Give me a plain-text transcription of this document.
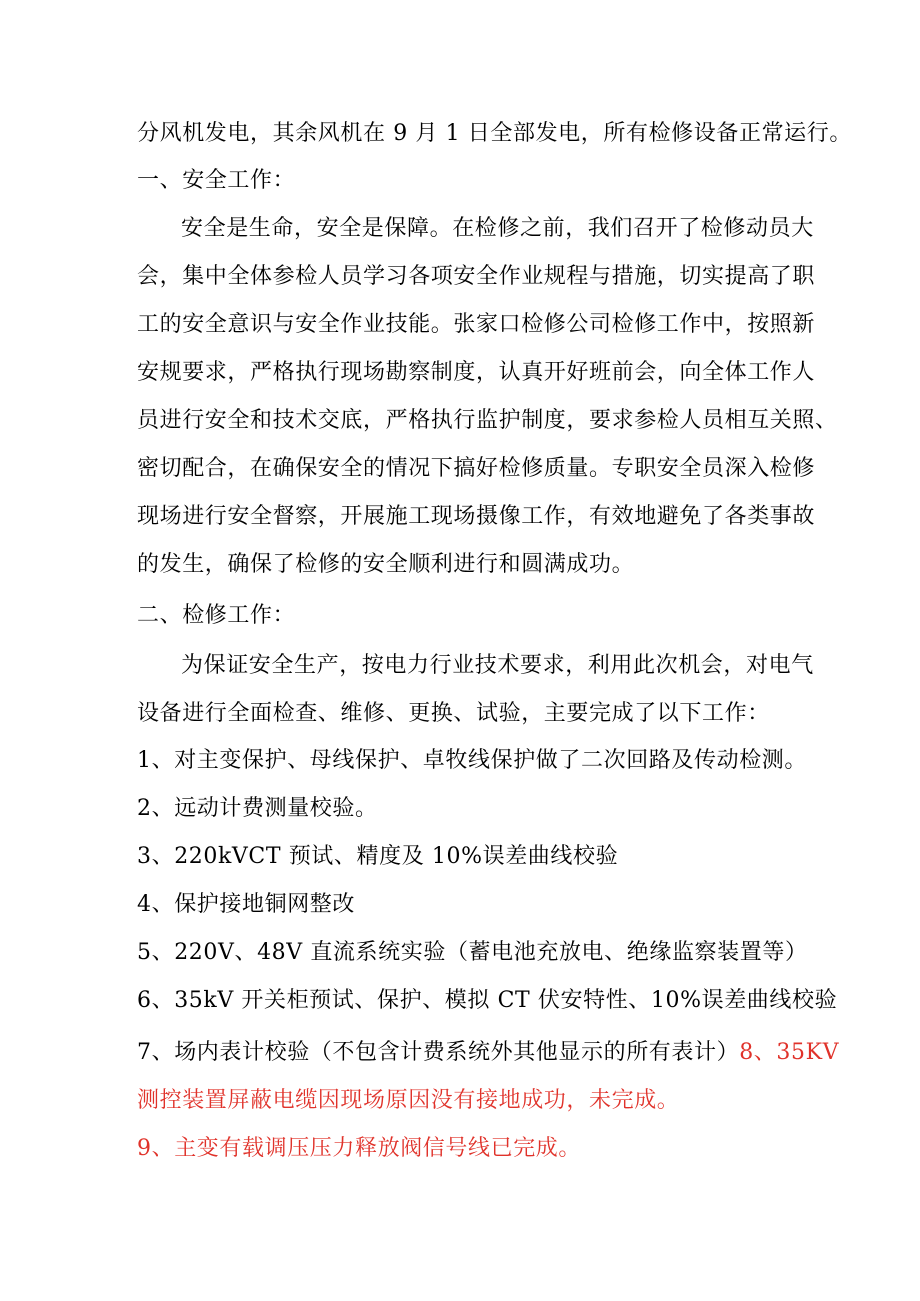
分风机发电，其余风机在 9 月 1 日全部发电，所有检修设备正常运行。
一、安全工作：
安全是生命，安全是保障。在检修之前，我们召开了检修动员大
会，集中全体参检人员学习各项安全作业规程与措施，切实提高了职
工的安全意识与安全作业技能。张家口检修公司检修工作中，按照新
安规要求，严格执行现场勘察制度，认真开好班前会，向全体工作人
员进行安全和技术交底，严格执行监护制度，要求参检人员相互关照、
密切配合，在确保安全的情况下搞好检修质量。专职安全员深入检修
现场进行安全督察，开展施工现场摄像工作，有效地避免了各类事故
的发生，确保了检修的安全顺利进行和圆满成功。
二、检修工作：
为保证安全生产，按电力行业技术要求，利用此次机会，对电气
设备进行全面检查、维修、更换、试验，主要完成了以下工作：
1、对主变保护、母线保护、卓牧线保护做了二次回路及传动检测。
2、远动计费测量校验。
3、220kVCT 预试、精度及 10%误差曲线校验
4、保护接地铜网整改
5、220V、48V 直流系统实验（蓄电池充放电、绝缘监察装置等）
6、35kV 开关柜预试、保护、模拟 CT 伏安特性、10%误差曲线校验
7、场内表计校验（不包含计费系统外其他显示的所有表计）8、35KV
测控装置屏蔽电缆因现场原因没有接地成功，未完成。
9、主变有载调压压力释放阀信号线已完成。
